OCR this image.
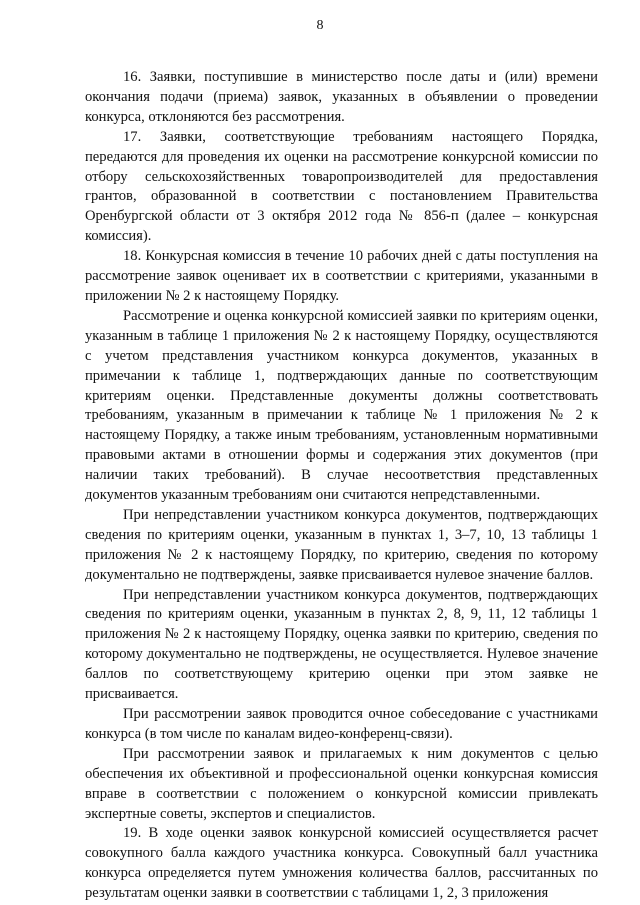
8

16. Заявки, поступившие в министерство после даты и (или) времени окончания подачи (приема) заявок, указанных в объявлении о проведении конкурса, отклоняются без рассмотрения.

17. Заявки, соответствующие требованиям настоящего Порядка, передаются для проведения их оценки на рассмотрение конкурсной комиссии по отбору сельскохозяйственных товаропроизводителей для предоставления грантов, образованной в соответствии с постановлением Правительства Оренбургской области от 3 октября 2012 года № 856-п (далее – конкурсная комиссия).

18. Конкурсная комиссия в течение 10 рабочих дней с даты поступления на рассмотрение заявок оценивает их в соответствии с критериями, указанными в приложении № 2 к настоящему Порядку.

Рассмотрение и оценка конкурсной комиссией заявки по критериям оценки, указанным в таблице 1 приложения № 2 к настоящему Порядку, осуществляются с учетом представления участником конкурса документов, указанных в примечании к таблице 1, подтверждающих данные по соответствующим критериям оценки. Представленные документы должны соответствовать требованиям, указанным в примечании к таблице № 1 приложения № 2 к настоящему Порядку, а также иным требованиям, установленным нормативными правовыми актами в отношении формы и содержания этих документов (при наличии таких требований). В случае несоответствия представленных документов указанным требованиям они считаются непредставленными.

При непредставлении участником конкурса документов, подтверждающих сведения по критериям оценки, указанным в пунктах 1, 3–7, 10, 13 таблицы 1 приложения № 2 к настоящему Порядку, по критерию, сведения по которому документально не подтверждены, заявке присваивается нулевое значение баллов.

При непредставлении участником конкурса документов, подтверждающих сведения по критериям оценки, указанным в пунктах 2, 8, 9, 11, 12 таблицы 1 приложения № 2 к настоящему Порядку, оценка заявки по критерию, сведения по которому документально не подтверждены, не осуществляется. Нулевое значение баллов по соответствующему критерию оценки при этом заявке не присваивается.

При рассмотрении заявок проводится очное собеседование с участниками конкурса (в том числе по каналам видео-конференц-связи).

При рассмотрении заявок и прилагаемых к ним документов с целью обеспечения их объективной и профессиональной оценки конкурсная комиссия вправе в соответствии с положением о конкурсной комиссии привлекать экспертные советы, экспертов и специалистов.

19. В ходе оценки заявок конкурсной комиссией осуществляется расчет совокупного балла каждого участника конкурса. Совокупный балл участника конкурса определяется путем умножения количества баллов, рассчитанных по результатам оценки заявки в соответствии с таблицами 1, 2, 3 приложения
